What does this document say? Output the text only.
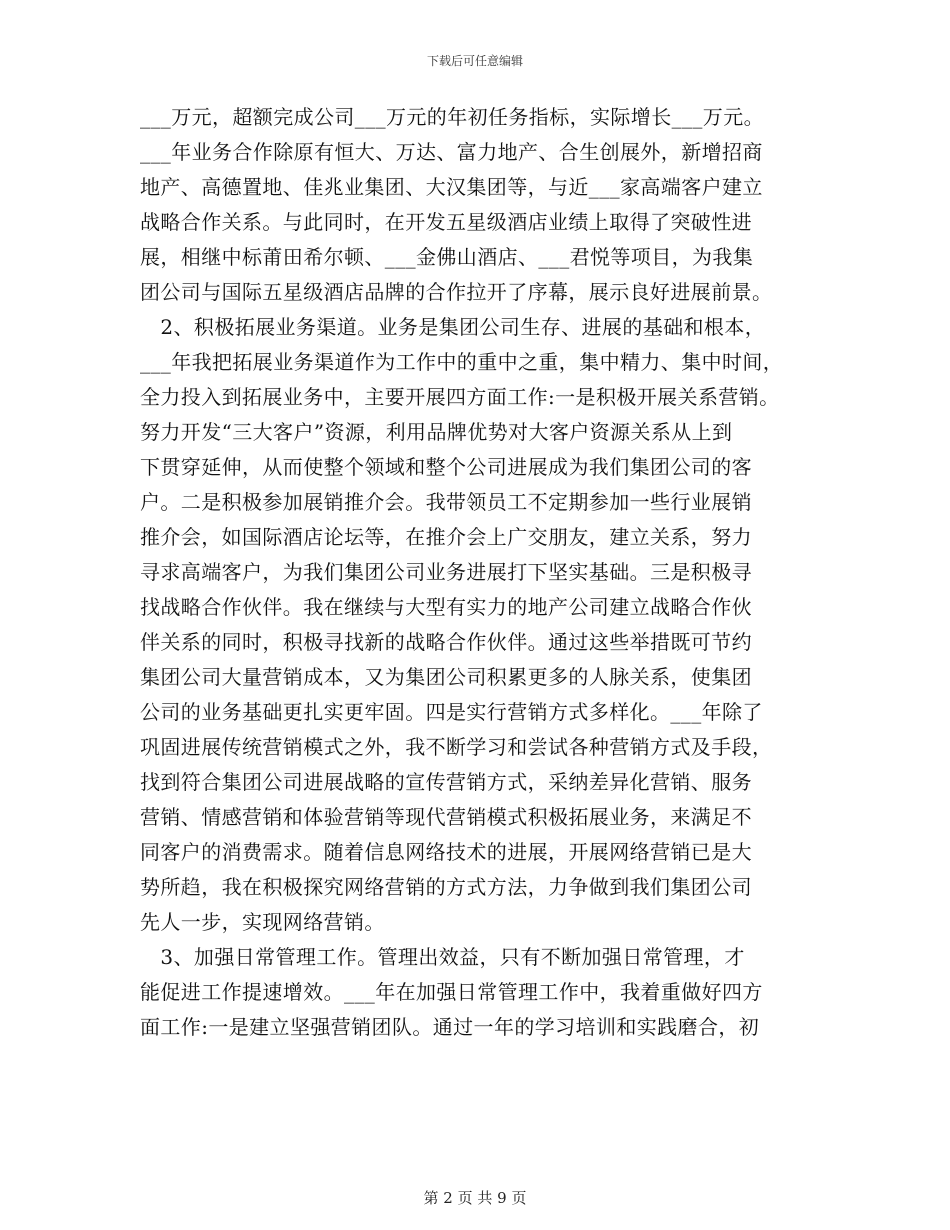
下载后可任意编辑
___万元，超额完成公司___万元的年初任务指标，实际增长___万元。
___年业务合作除原有恒大、万达、富力地产、合生创展外，新增招商
地产、高德置地、佳兆业集团、大汉集团等，与近___家高端客户建立
战略合作关系。与此同时，在开发五星级酒店业绩上取得了突破性进
展，相继中标莆田希尔顿、___金佛山酒店、___君悦等项目，为我集
团公司与国际五星级酒店品牌的合作拉开了序幕，展示良好进展前景。
　2、积极拓展业务渠道。业务是集团公司生存、进展的基础和根本，
___年我把拓展业务渠道作为工作中的重中之重，集中精力、集中时间，
全力投入到拓展业务中，主要开展四方面工作:一是积极开展关系营销。
努力开发“三大客户”资源，利用品牌优势对大客户资源关系从上到
下贯穿延伸，从而使整个领域和整个公司进展成为我们集团公司的客
户。二是积极参加展销推介会。我带领员工不定期参加一些行业展销
推介会，如国际酒店论坛等，在推介会上广交朋友，建立关系，努力
寻求高端客户，为我们集团公司业务进展打下坚实基础。三是积极寻
找战略合作伙伴。我在继续与大型有实力的地产公司建立战略合作伙
伴关系的同时，积极寻找新的战略合作伙伴。通过这些举措既可节约
集团公司大量营销成本，又为集团公司积累更多的人脉关系，使集团
公司的业务基础更扎实更牢固。四是实行营销方式多样化。___年除了
巩固进展传统营销模式之外，我不断学习和尝试各种营销方式及手段，
找到符合集团公司进展战略的宣传营销方式，采纳差异化营销、服务
营销、情感营销和体验营销等现代营销模式积极拓展业务，来满足不
同客户的消费需求。随着信息网络技术的进展，开展网络营销已是大
势所趋，我在积极探究网络营销的方式方法，力争做到我们集团公司
先人一步，实现网络营销。
　3、加强日常管理工作。管理出效益，只有不断加强日常管理，才
能促进工作提速增效。___年在加强日常管理工作中，我着重做好四方
面工作:一是建立坚强营销团队。通过一年的学习培训和实践磨合，初
第 2 页 共 9 页
